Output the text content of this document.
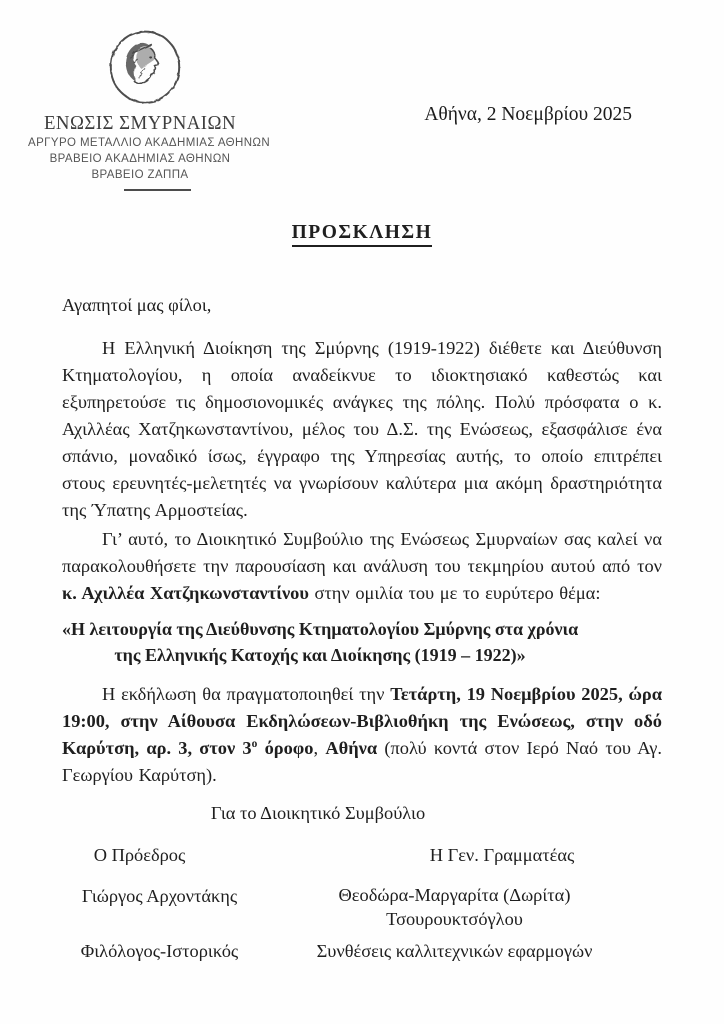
ΕΝΩΣΙΣ ΣΜΥΡΝΑΙΩΝ
ΑΡΓΥΡΟ ΜΕΤΑΛΛΙΟ ΑΚΑΔΗΜΙΑΣ ΑΘΗΝΩΝ
ΒΡΑΒΕΙΟ ΑΚΑΔΗΜΙΑΣ ΑΘΗΝΩΝ
ΒΡΑΒΕΙΟ ΖΑΠΠΑ
Αθήνα, 2 Νοεμβρίου 2025
ΠΡΟΣΚΛΗΣΗ

Αγαπητοί μας φίλοι,

Η Ελληνική Διοίκηση της Σμύρνης (1919-1922) διέθετε και Διεύθυνση Κτηματολογίου, η οποία αναδείκνυε το ιδιοκτησιακό καθεστώς και εξυπηρετούσε τις δημοσιονομικές ανάγκες της πόλης. Πολύ πρόσφατα ο κ. Αχιλλέας Χατζηκωνσταντίνου, μέλος του Δ.Σ. της Ενώσεως, εξασφάλισε ένα σπάνιο, μοναδικό ίσως, έγγραφο της Υπηρεσίας αυτής, το οποίο επιτρέπει στους ερευνητές-μελετητές να γνωρίσουν καλύτερα μια ακόμη δραστηριότητα της Ύπατης Αρμοστείας.

Γι’ αυτό, το Διοικητικό Συμβούλιο της Ενώσεως Σμυρναίων σας καλεί να παρακολουθήσετε την παρουσίαση και ανάλυση του τεκμηρίου αυτού από τον κ. Αχιλλέα Χατζηκωνσταντίνου στην ομιλία του με το ευρύτερο θέμα:

«Η λειτουργία της Διεύθυνσης Κτηματολογίου Σμύρνης στα χρόνια
της Ελληνικής Κατοχής και Διοίκησης (1919 – 1922)»

Η εκδήλωση θα πραγματοποιηθεί την Τετάρτη, 19 Νοεμβρίου 2025, ώρα 19:00, στην Αίθουσα Εκδηλώσεων-Βιβλιοθήκη της Ενώσεως, στην οδό Καρύτση, αρ. 3, στον $3^o$ όροφο, Αθήνα (πολύ κοντά στον Ιερό Ναό του Αγ. Γεωργίου Καρύτση).

Για το Διοικητικό Συμβούλιο
Ο Πρόεδρος	Η Γεν. Γραμματέας
Γιώργος Αρχοντάκης	Θεοδώρα-Μαργαρίτα (Δωρίτα)
Τσουρουκτσόγλου
Φιλόλογος-Ιστορικός	Συνθέσεις καλλιτεχνικών εφαρμογών
